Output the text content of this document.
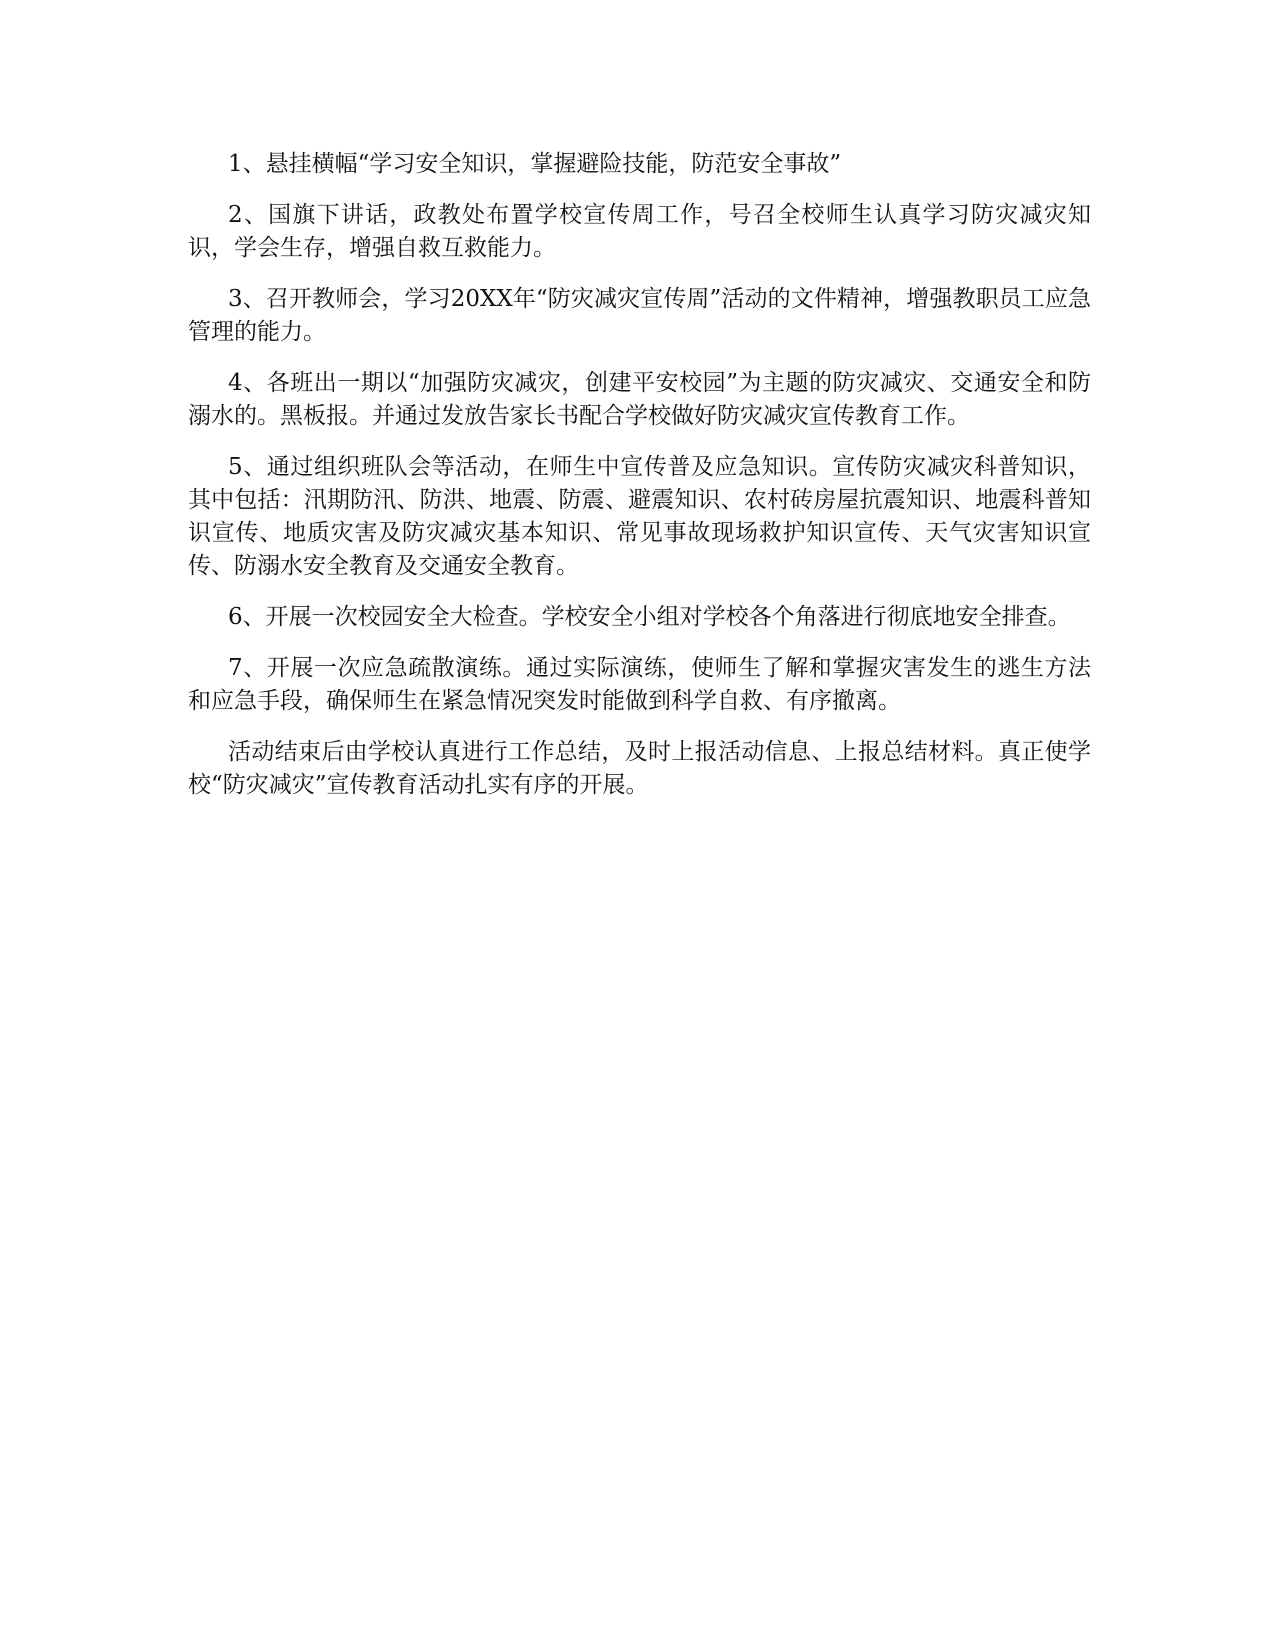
1、悬挂横幅“学习安全知识，掌握避险技能，防范安全事故”

2、国旗下讲话，政教处布置学校宣传周工作，号召全校师生认真学习防灾减灾知识，学会生存，增强自救互救能力。

3、召开教师会，学习20XX年“防灾减灾宣传周”活动的文件精神，增强教职员工应急管理的能力。

4、各班出一期以“加强防灾减灾，创建平安校园”为主题的防灾减灾、交通安全和防溺水的。黑板报。并通过发放告家长书配合学校做好防灾减灾宣传教育工作。

5、通过组织班队会等活动，在师生中宣传普及应急知识。宣传防灾减灾科普知识，其中包括：汛期防汛、防洪、地震、防震、避震知识、农村砖房屋抗震知识、地震科普知识宣传、地质灾害及防灾减灾基本知识、常见事故现场救护知识宣传、天气灾害知识宣传、防溺水安全教育及交通安全教育。

6、开展一次校园安全大检查。学校安全小组对学校各个角落进行彻底地安全排查。

7、开展一次应急疏散演练。通过实际演练，使师生了解和掌握灾害发生的逃生方法和应急手段，确保师生在紧急情况突发时能做到科学自救、有序撤离。

活动结束后由学校认真进行工作总结，及时上报活动信息、上报总结材料。真正使学校“防灾减灾”宣传教育活动扎实有序的开展。
